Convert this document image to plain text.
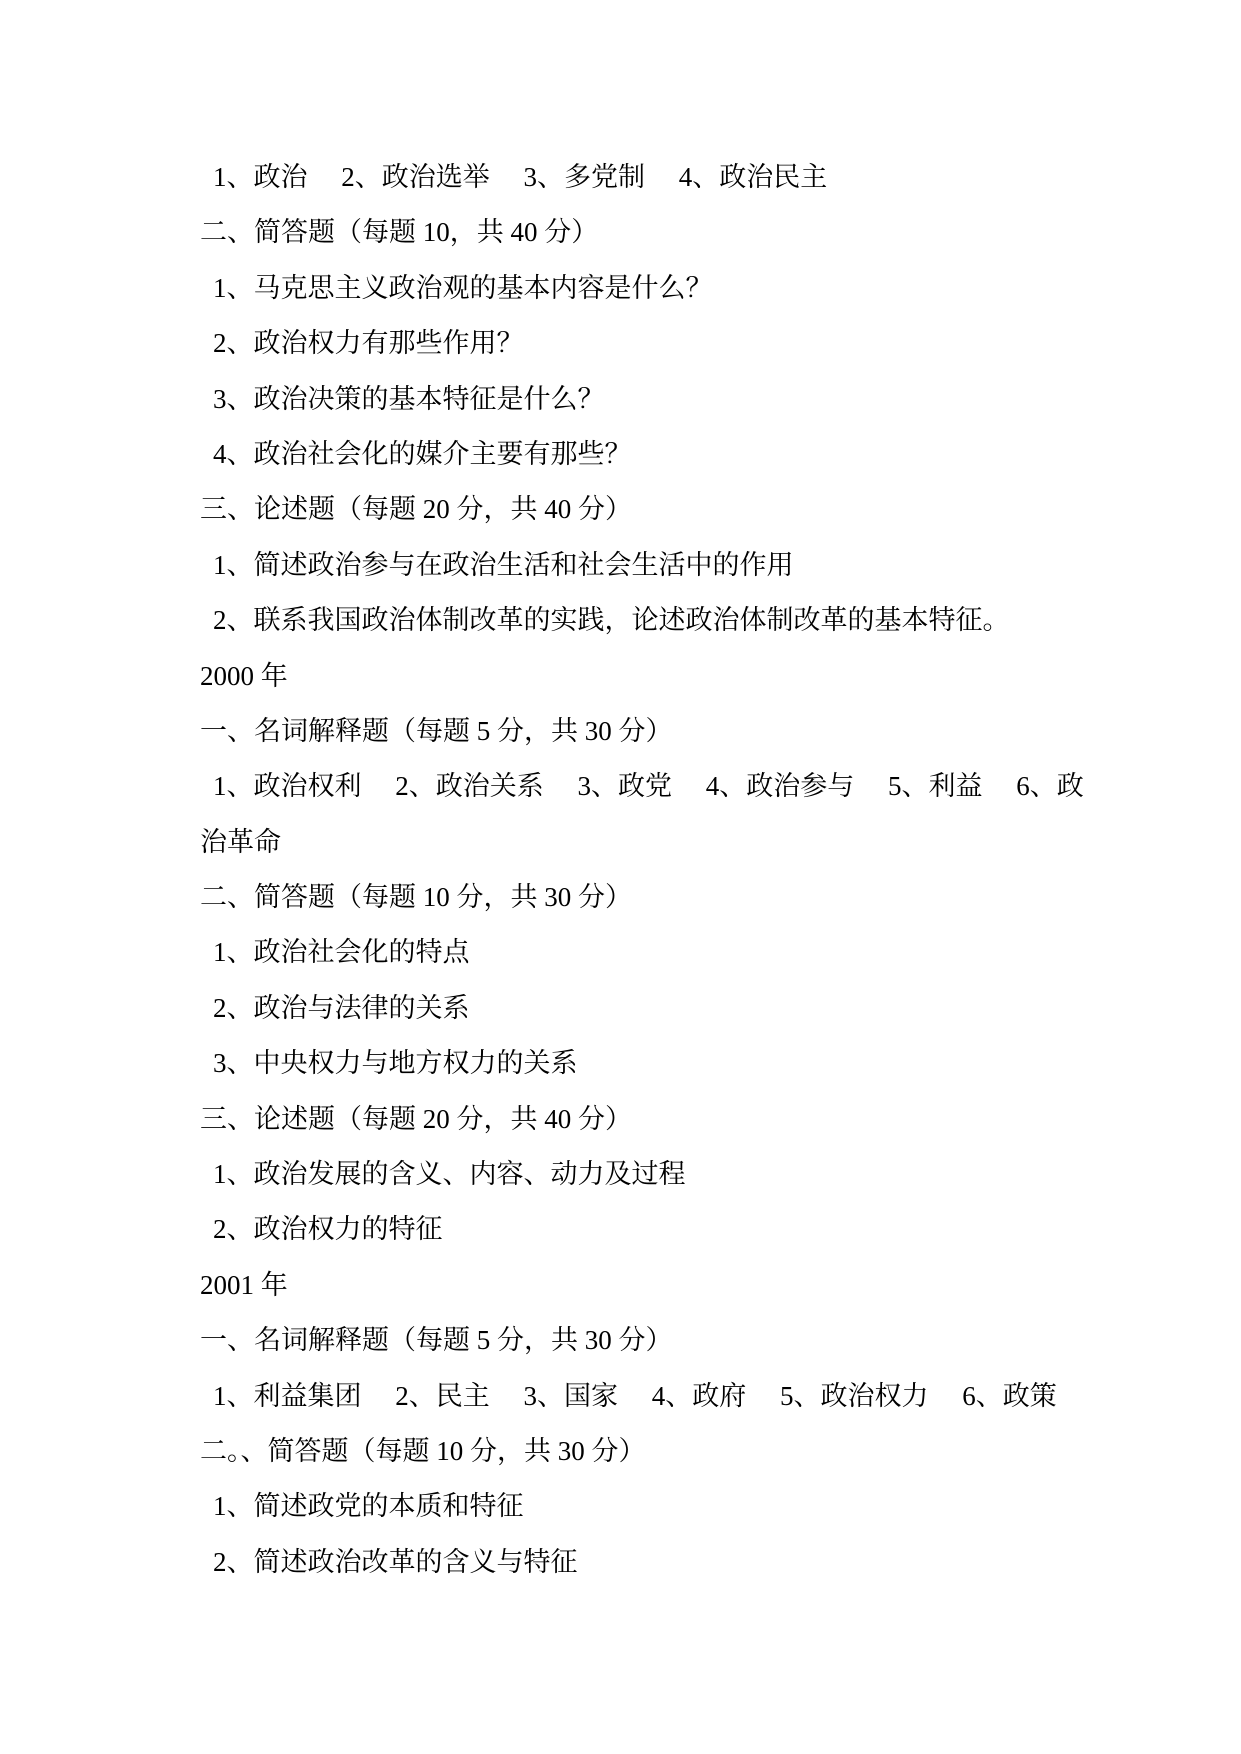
1、政治     2、政治选举     3、多党制     4、政治民主
二、简答题（每题 10，共 40 分）
1、马克思主义政治观的基本内容是什么？
2、政治权力有那些作用？
3、政治决策的基本特征是什么？
4、政治社会化的媒介主要有那些？
三、论述题（每题 20 分，共 40 分）
1、简述政治参与在政治生活和社会生活中的作用
2、联系我国政治体制改革的实践，论述政治体制改革的基本特征。
2000 年
一、名词解释题（每题 5 分，共 30 分）
1、政治权利     2、政治关系     3、政党     4、政治参与     5、利益     6、政
治革命
二、简答题（每题 10 分，共 30 分）
1、政治社会化的特点
2、政治与法律的关系
3、中央权力与地方权力的关系
三、论述题（每题 20 分，共 40 分）
1、政治发展的含义、内容、动力及过程
2、政治权力的特征
2001 年
一、名词解释题（每题 5 分，共 30 分）
1、利益集团     2、民主     3、国家     4、政府     5、政治权力     6、政策
二。、简答题（每题 10 分，共 30 分）
1、简述政党的本质和特征
2、简述政治改革的含义与特征
